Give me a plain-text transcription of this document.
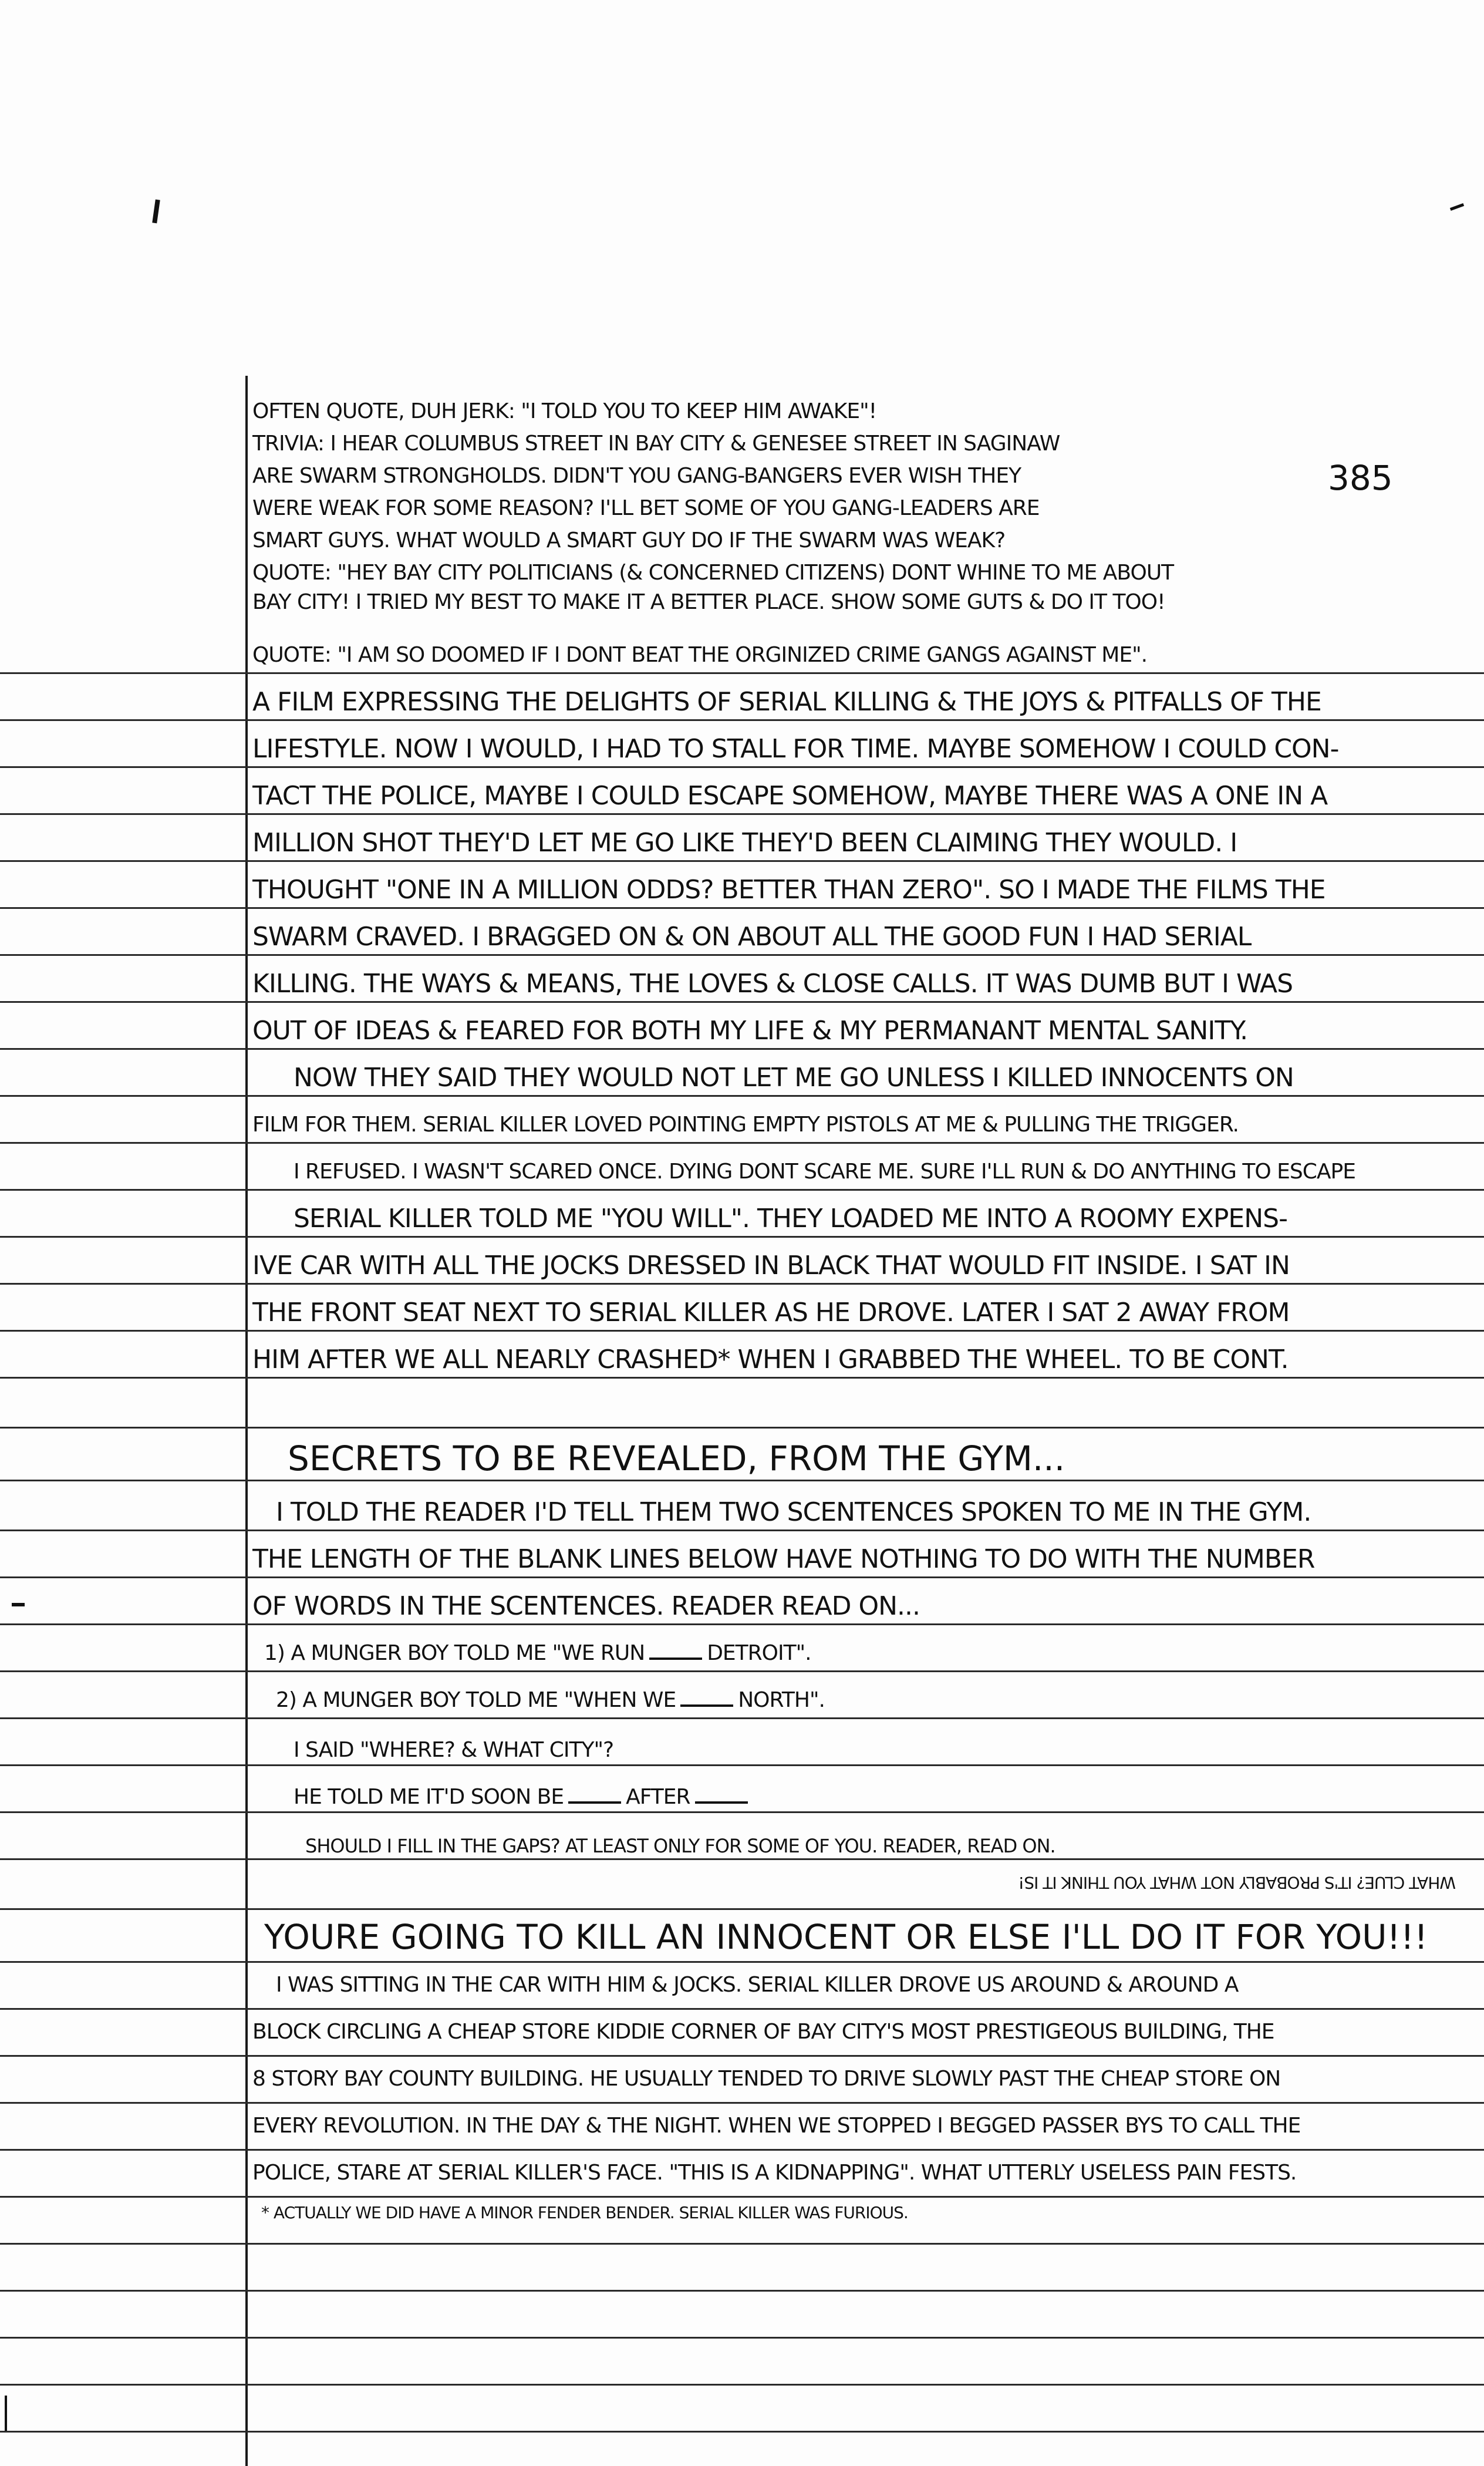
385
OFTEN QUOTE, DUH JERK: "I TOLD YOU TO KEEP HIM AWAKE"!
TRIVIA: I HEAR COLUMBUS STREET IN BAY CITY & GENESEE STREET IN SAGINAW
ARE SWARM STRONGHOLDS. DIDN'T YOU GANG-BANGERS EVER WISH THEY
WERE WEAK FOR SOME REASON? I'LL BET SOME OF YOU GANG-LEADERS ARE
SMART GUYS. WHAT WOULD A SMART GUY DO IF THE SWARM WAS WEAK?
QUOTE: "HEY BAY CITY POLITICIANS (& CONCERNED CITIZENS) DONT WHINE TO ME ABOUT
BAY CITY! I TRIED MY BEST TO MAKE IT A BETTER PLACE. SHOW SOME GUTS & DO IT TOO!
QUOTE: "I AM SO DOOMED IF I DONT BEAT THE ORGINIZED CRIME GANGS AGAINST ME".
A FILM EXPRESSING THE DELIGHTS OF SERIAL KILLING & THE JOYS & PITFALLS OF THE
LIFESTYLE. NOW I WOULD, I HAD TO STALL FOR TIME. MAYBE SOMEHOW I COULD CON-
TACT THE POLICE, MAYBE I COULD ESCAPE SOMEHOW, MAYBE THERE WAS A ONE IN A
MILLION SHOT THEY'D LET ME GO LIKE THEY'D BEEN CLAIMING THEY WOULD. I
THOUGHT "ONE IN A MILLION ODDS? BETTER THAN ZERO". SO I MADE THE FILMS THE
SWARM CRAVED. I BRAGGED ON & ON ABOUT ALL THE GOOD FUN I HAD SERIAL
KILLING. THE WAYS & MEANS, THE LOVES & CLOSE CALLS. IT WAS DUMB BUT I WAS
OUT OF IDEAS & FEARED FOR BOTH MY LIFE & MY PERMANANT MENTAL SANITY.
NOW THEY SAID THEY WOULD NOT LET ME GO UNLESS I KILLED INNOCENTS ON
FILM FOR THEM. SERIAL KILLER LOVED POINTING EMPTY PISTOLS AT ME & PULLING THE TRIGGER.
I REFUSED. I WASN'T SCARED ONCE. DYING DONT SCARE ME. SURE I'LL RUN & DO ANYTHING TO ESCAPE
SERIAL KILLER TOLD ME "YOU WILL". THEY LOADED ME INTO A ROOMY EXPENS-
IVE CAR WITH ALL THE JOCKS DRESSED IN BLACK THAT WOULD FIT INSIDE. I SAT IN
THE FRONT SEAT NEXT TO SERIAL KILLER AS HE DROVE. LATER I SAT 2 AWAY FROM
HIM AFTER WE ALL NEARLY CRASHED* WHEN I GRABBED THE WHEEL. TO BE CONT.
SECRETS TO BE REVEALED, FROM THE GYM...
I TOLD THE READER I'D TELL THEM TWO SCENTENCES SPOKEN TO ME IN THE GYM.
THE LENGTH OF THE BLANK LINES BELOW HAVE NOTHING TO DO WITH THE NUMBER
OF WORDS IN THE SCENTENCES. READER READ ON...
1) A MUNGER BOY TOLD ME "WE RUN	DETROIT".
2) A MUNGER BOY TOLD ME "WHEN WE	NORTH".
I SAID "WHERE? & WHAT CITY"?
HE TOLD ME IT'D SOON BE	AFTER
SHOULD I FILL IN THE GAPS? AT LEAST ONLY FOR SOME OF YOU. READER, READ ON.
WHAT CLUE? IT'S PROBABLY NOT WHAT YOU THINK IT IS!
YOURE GOING TO KILL AN INNOCENT OR ELSE I'LL DO IT FOR YOU!!!
I WAS SITTING IN THE CAR WITH HIM & JOCKS. SERIAL KILLER DROVE US AROUND & AROUND A
BLOCK CIRCLING A CHEAP STORE KIDDIE CORNER OF BAY CITY'S MOST PRESTIGEOUS BUILDING, THE
8 STORY BAY COUNTY BUILDING. HE USUALLY TENDED TO DRIVE SLOWLY PAST THE CHEAP STORE ON
EVERY REVOLUTION. IN THE DAY & THE NIGHT. WHEN WE STOPPED I BEGGED PASSER BYS TO CALL THE
POLICE, STARE AT SERIAL KILLER'S FACE. "THIS IS A KIDNAPPING". WHAT UTTERLY USELESS PAIN FESTS.
* ACTUALLY WE DID HAVE A MINOR FENDER BENDER. SERIAL KILLER WAS FURIOUS.
